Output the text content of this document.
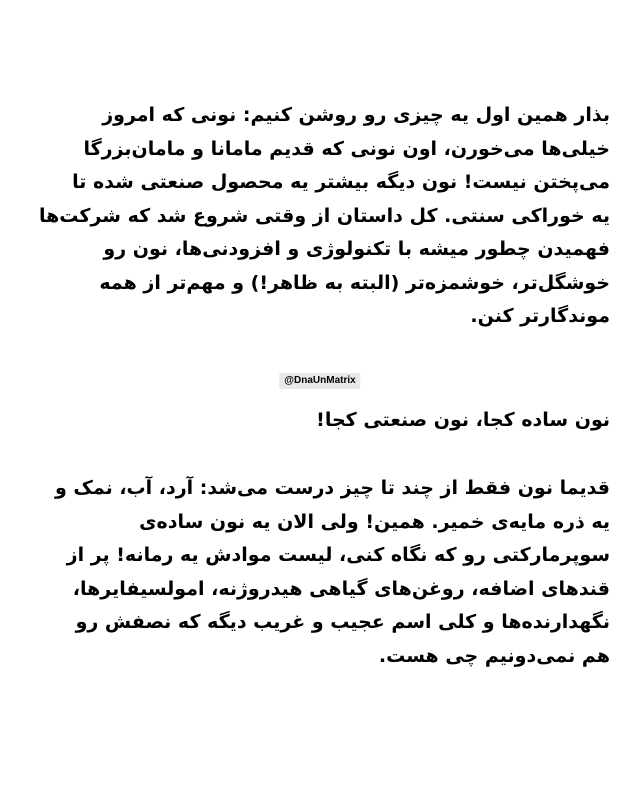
بذار همین اول یه چیزی رو روشن کنیم: نونی که امروز
خیلی‌ها می‌خورن، اون نونی که قدیم مامانا و مامان‌بزرگا
می‌پختن نیست! نون دیگه بیشتر یه محصول صنعتی شده تا
یه خوراکی سنتی. کل داستان از وقتی شروع شد که شرکت‌ها
فهمیدن چطور میشه با تکنولوژی و افزودنی‌ها، نون رو
خوشگل‌تر، خوشمزه‌تر (البته به ظاهر!) و مهم‌تر از همه
موندگارتر کنن.
@DnaUnMatrix
نون ساده کجا، نون صنعتی کجا!
قدیما نون فقط از چند تا چیز درست می‌شد: آرد، آب، نمک و
یه ذره مایه‌ی خمیر. همین! ولی الان یه نون ساده‌ی
سوپرمارکتی رو که نگاه کنی، لیست موادش یه رمانه! پر از
قندهای اضافه، روغن‌های گیاهی هیدروژنه، امولسیفایرها،
نگهدارنده‌ها و کلی اسم عجیب و غریب دیگه که نصفش رو
هم نمی‌دونیم چی هست.
